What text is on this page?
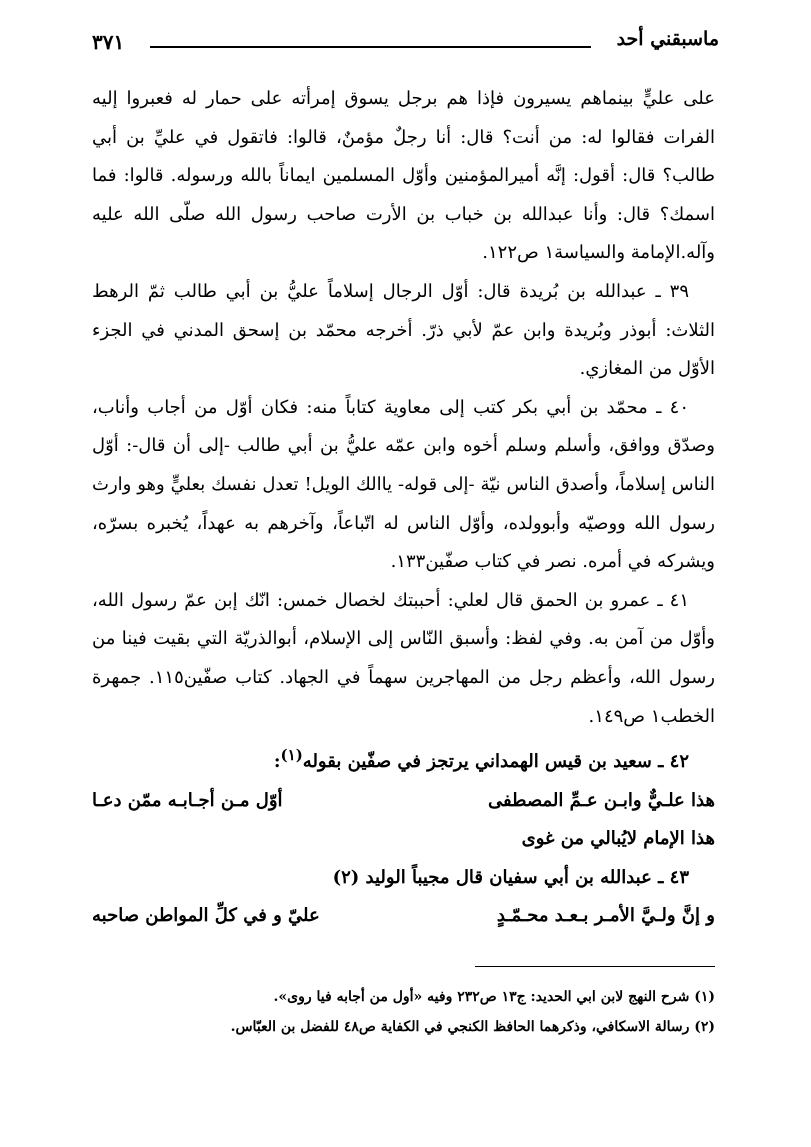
٣٧١	ماسبقني أحد

على عليٍّ بينماهم يسيرون فإذا هم برجل يسوق إمرأته على حمار له فعبروا إليه الفرات فقالوا له: من أنت؟ قال: أنا رجلٌ مؤمنٌ، قالوا: فاتقول في عليِّ بن أبي طالب؟ قال: أقول: إنَّه أميرالمؤمنين وأوّل المسلمين ايماناً بالله ورسوله. قالوا: فما اسمك؟ قال: وأنا عبدالله بن خباب بن الأرت صاحب رسول الله صلّى الله عليه وآله.الإمامة والسياسة١ ص١٢٢.

٣٩ ـ عبدالله بن بُريدة قال: أوّل الرجال إسلاماً عليُّ بن أبي طالب ثمّ الرهط الثلاث: أبوذر وبُريدة وابن عمّ لأبي ذرّ. أخرجه محمّد بن إسحق المدني في الجزء الأوّل من المغازي.

٤٠ ـ محمّد بن أبي بكر كتب إلى معاوية كتاباً منه: فكان أوّل من أجاب وأناب، وصدّق ووافق، وأسلم وسلم أخوه وابن عمّه عليُّ بن أبي طالب -إلى أن قال-: أوّل الناس إسلاماً، وأصدق الناس نيّة -إلى قوله- ياالك الويل! تعدل نفسك بعليٍّ وهو وارث رسول الله ووصيّه وأبوولده، وأوّل الناس له اتّباعاً، وآخرهم به عهداً، يُخبره بسرّه، ويشركه في أمره. نصر في كتاب صفّين١٣٣.

٤١ ـ عمرو بن الحمق قال لعلي: أحببتك لخصال خمس: انّك إبن عمّ رسول الله، وأوّل من آمن به. وفي لفظ: وأسبق النّاس إلى الإسلام، أبوالذريّة التي بقيت فينا من رسول الله، وأعظم رجل من المهاجرين سهماً في الجهاد. كتاب صفّين١١٥. جمهرة الخطب١ ص١٤٩.

٤٢ ـ سعيد بن قيس الهمداني يرتجز في صفّين بقوله$^{(١)}$:
هذا علـيٌّ وابـن عـمِّ المصطفى
أوّل مـن أجـابـه ممّن دعـا
هذا الإمام لايُبالي من غوى
٤٣ ـ عبدالله بن أبي سفيان قال مجيباً الوليد (٢)
و إنَّ ولـيَّ الأمـر بـعـد محـمّـدٍ
عليّ و في كلِّ المواطن صاحبه

(١) شرح النهج لابن ابي الحديد: ج١٣ ص٢٣٢ وفيه «أول من أجابه فيا روى».

(٢) رسالة الاسكافي، وذكرهما الحافظ الكنجي في الكفاية ص٤٨ للفضل بن العبّاس.
